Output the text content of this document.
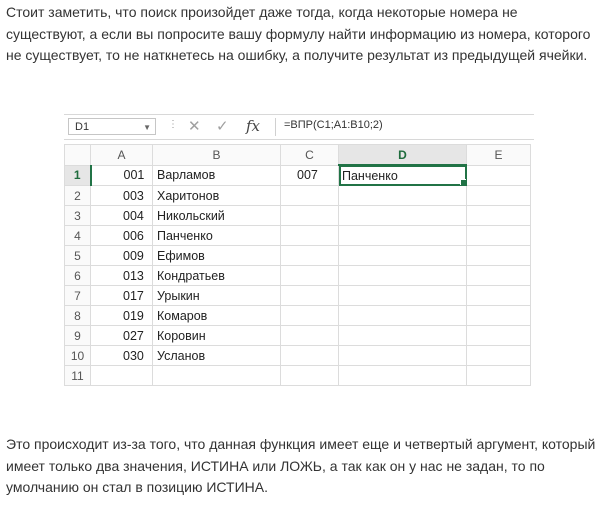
Стоит заметить, что поиск произойдет даже тогда, когда некоторые номера не существуют, а если вы попросите вашу формулу найти информацию из номера, которого не существует, то не наткнетесь на ошибку, а получите результат из предыдущей ячейки.
D1	▼ ⋮ ✕ ✓ fx =ВПР(C1;A1:B10;2)
	A	B	C	D	E
1	001	Варламов	007	Панченко

2	003	Харитонов			
3	004	Никольский			
4	006	Панченко			
5	009	Ефимов			
6	013	Кондратьев			
7	017	Урыкин			
8	019	Комаров			
9	027	Коровин			
10	030	Усланов			
11					
Это происходит из-за того, что данная функция имеет еще и четвертый аргумент, который имеет только два значения, ИСТИНА или ЛОЖЬ, а так как он у нас не задан, то по умолчанию он стал в позицию ИСТИНА.
